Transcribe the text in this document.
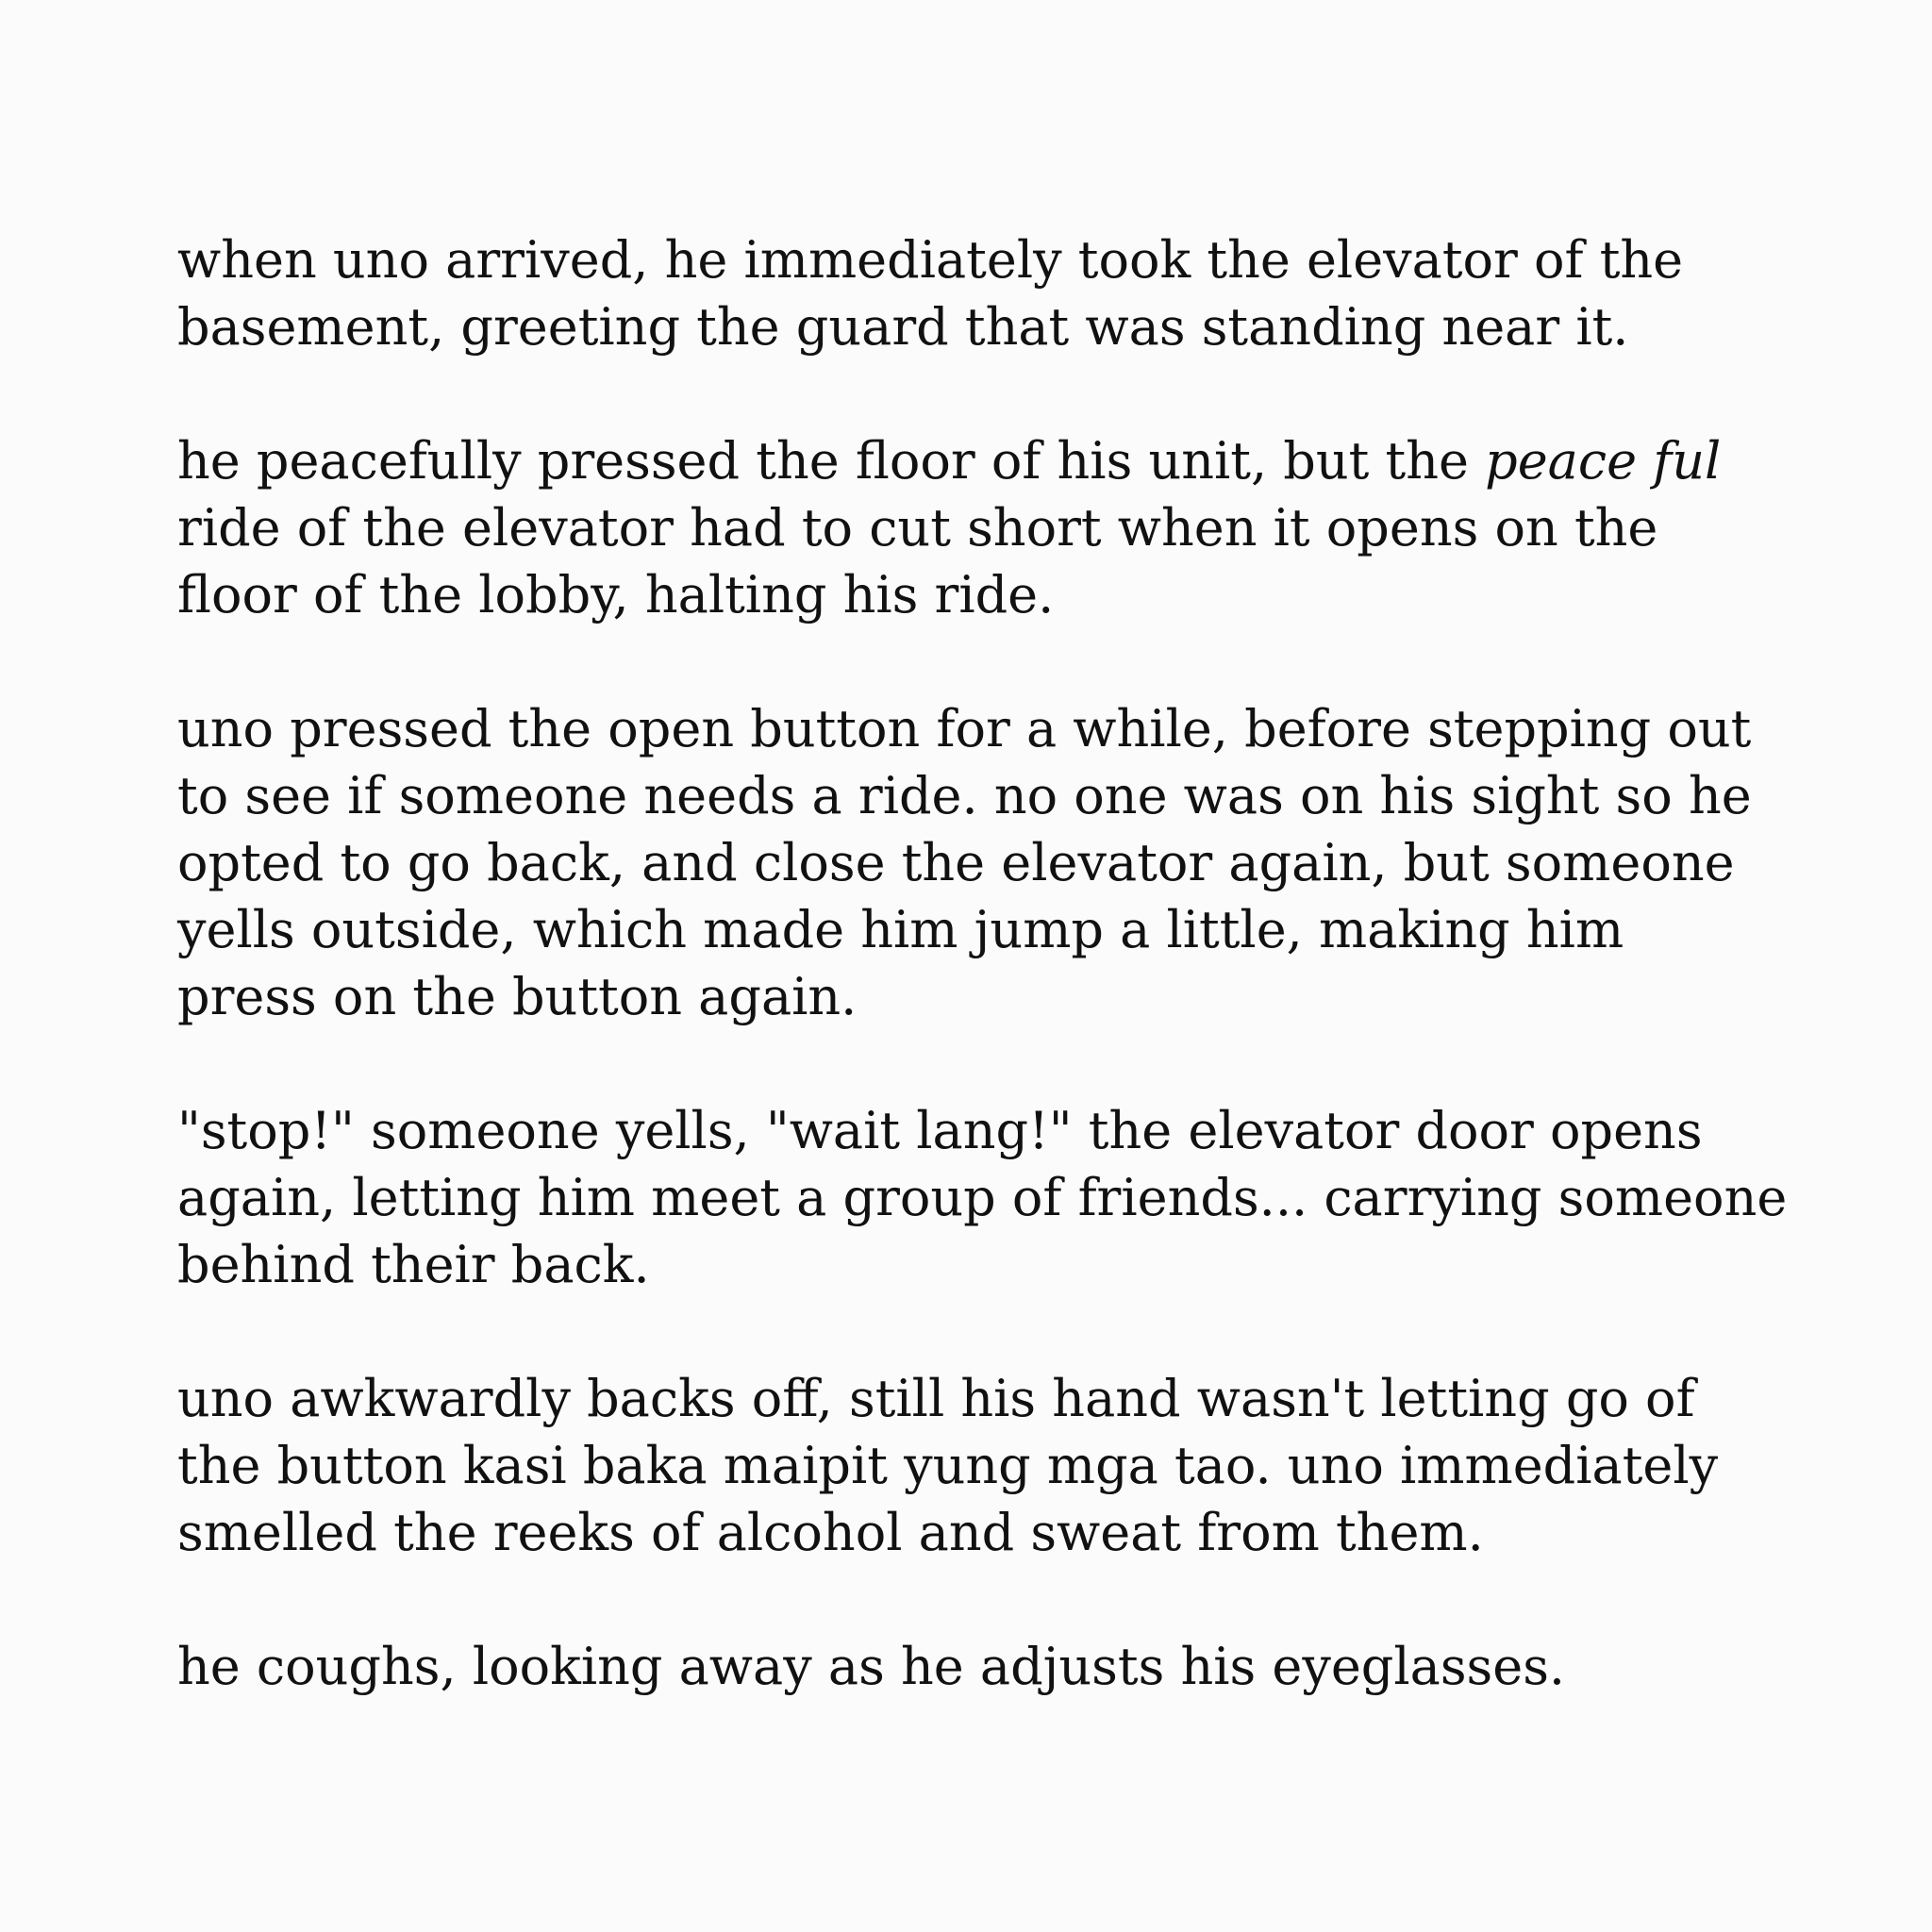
when uno arrived, he immediately took the elevator of the
basement, greeting the guard that was standing near it.

he peacefully pressed the floor of his unit, but the peace ful
ride of the elevator had to cut short when it opens on the
floor of the lobby, halting his ride.

uno pressed the open button for a while, before stepping out
to see if someone needs a ride. no one was on his sight so he
opted to go back, and close the elevator again, but someone
yells outside, which made him jump a little, making him
press on the button again.

"stop!" someone yells, "wait lang!" the elevator door opens
again, letting him meet a group of friends... carrying someone
behind their back.

uno awkwardly backs off, still his hand wasn't letting go of
the button kasi baka maipit yung mga tao. uno immediately
smelled the reeks of alcohol and sweat from them.

he coughs, looking away as he adjusts his eyeglasses.
